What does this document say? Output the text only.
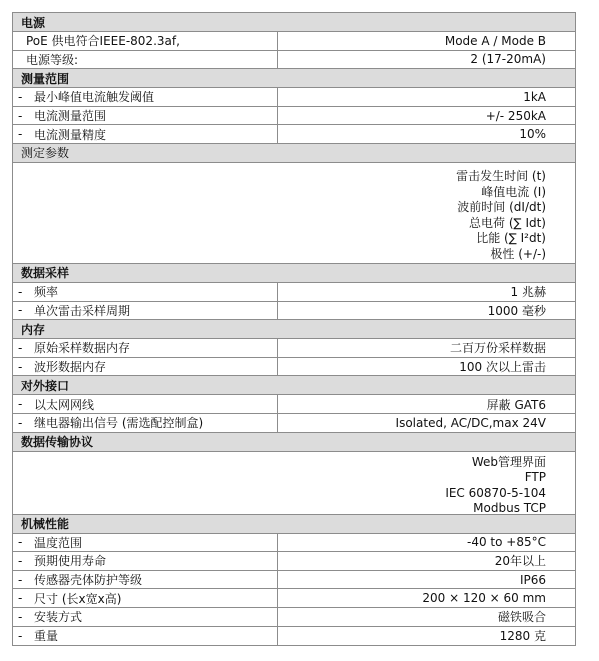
电源
PoE 供电符合IEEE-802.3af,	Mode A / Mode B
电源等级:	2 (17-20mA)
测量范围
- 最小峰值电流触发阈值	1kA
- 电流测量范围	+/- 250kA
- 电流测量精度	10%
测定参数
雷击发生时间 (t)
峰值电流 (I)
波前时间 (dI/dt)
总电荷 (∑ Idt)
比能 (∑ I²dt)
极性 (+/-)
数据采样
- 频率	1 兆赫
- 单次雷击采样周期	1000 毫秒
内存
- 原始采样数据内存	二百万份采样数据
- 波形数据内存	100 次以上雷击
对外接口
- 以太网网线	屏蔽 GAT6
- 继电器输出信号 (需选配控制盒)	Isolated, AC/DC,max 24V
数据传输协议
Web管理界面
FTP
IEC 60870-5-104
Modbus TCP
机械性能
- 温度范围	-40 to +85°C
- 预期使用寿命	20年以上
- 传感器壳体防护等级	IP66
- 尺寸 (长x宽x高)	200 × 120 × 60 mm
- 安装方式	磁铁吸合
- 重量	1280 克
